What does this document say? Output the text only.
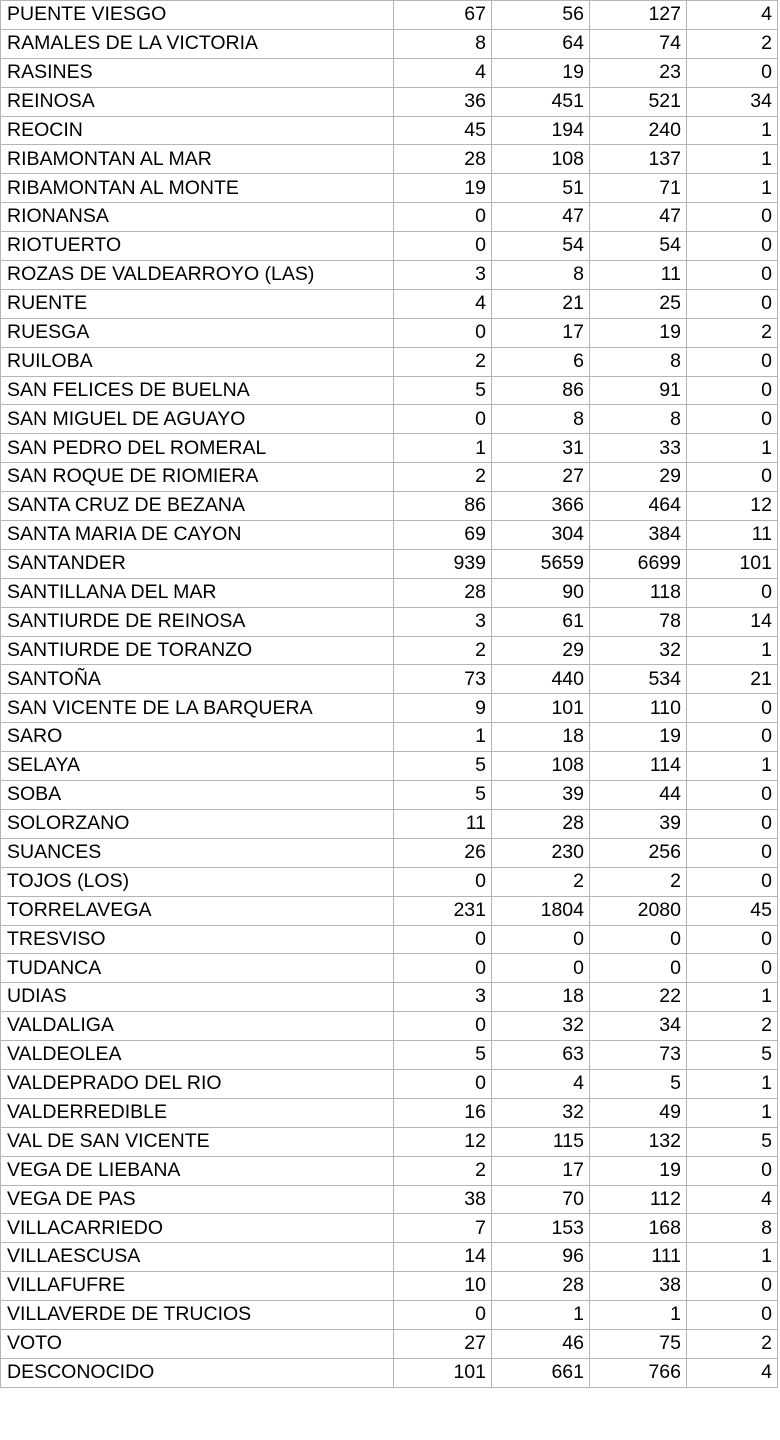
PUENTE VIESGO	67	56	127	4
RAMALES DE LA VICTORIA	8	64	74	2
RASINES	4	19	23	0
REINOSA	36	451	521	34
REOCIN	45	194	240	1
RIBAMONTAN AL MAR	28	108	137	1
RIBAMONTAN AL MONTE	19	51	71	1
RIONANSA	0	47	47	0
RIOTUERTO	0	54	54	0
ROZAS DE VALDEARROYO (LAS)	3	8	11	0
RUENTE	4	21	25	0
RUESGA	0	17	19	2
RUILOBA	2	6	8	0
SAN FELICES DE BUELNA	5	86	91	0
SAN MIGUEL DE AGUAYO	0	8	8	0
SAN PEDRO DEL ROMERAL	1	31	33	1
SAN ROQUE DE RIOMIERA	2	27	29	0
SANTA CRUZ DE BEZANA	86	366	464	12
SANTA MARIA DE CAYON	69	304	384	11
SANTANDER	939	5659	6699	101
SANTILLANA DEL MAR	28	90	118	0
SANTIURDE DE REINOSA	3	61	78	14
SANTIURDE DE TORANZO	2	29	32	1
SANTOÑA	73	440	534	21
SAN VICENTE DE LA BARQUERA	9	101	110	0
SARO	1	18	19	0
SELAYA	5	108	114	1
SOBA	5	39	44	0
SOLORZANO	11	28	39	0
SUANCES	26	230	256	0
TOJOS (LOS)	0	2	2	0
TORRELAVEGA	231	1804	2080	45
TRESVISO	0	0	0	0
TUDANCA	0	0	0	0
UDIAS	3	18	22	1
VALDALIGA	0	32	34	2
VALDEOLEA	5	63	73	5
VALDEPRADO DEL RIO	0	4	5	1
VALDERREDIBLE	16	32	49	1
VAL DE SAN VICENTE	12	115	132	5
VEGA DE LIEBANA	2	17	19	0
VEGA DE PAS	38	70	112	4
VILLACARRIEDO	7	153	168	8
VILLAESCUSA	14	96	111	1
VILLAFUFRE	10	28	38	0
VILLAVERDE DE TRUCIOS	0	1	1	0
VOTO	27	46	75	2
DESCONOCIDO	101	661	766	4
